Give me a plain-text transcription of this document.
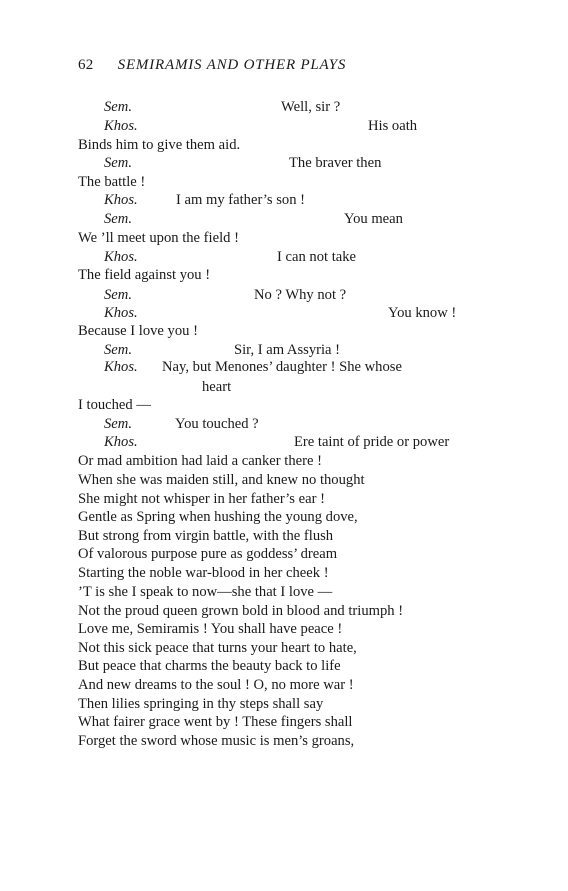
62 SEMIRAMIS AND OTHER PLAYS
Sem.	Well, sir ?
Khos.	His oath
Binds him to give them aid.
Sem.	The braver then
The battle !
Khos.	I am my father’s son !
Sem.	You mean
We ’ll meet upon the field !
Khos.	I can not take
The field against you !
Sem.	No ? Why not ?
Khos.	You know !
Because I love you !
Sem.	Sir, I am Assyria !
Khos. Nay, but Menones’ daughter ! She whose
heart
I touched —
Sem.	You touched ?
Khos.	Ere taint of pride or power
Or mad ambition had laid a canker there !
When she was maiden still, and knew no thought
She might not whisper in her father’s ear !
Gentle as Spring when hushing the young dove,
But strong from virgin battle, with the flush
Of valorous purpose pure as goddess’ dream
Starting the noble war-blood in her cheek !
’T is she I speak to now—she that I love —
Not the proud queen grown bold in blood and triumph !
Love me, Semiramis ! You shall have peace !
Not this sick peace that turns your heart to hate,
But peace that charms the beauty back to life
And new dreams to the soul ! O, no more war !
Then lilies springing in thy steps shall say
What fairer grace went by ! These fingers shall
Forget the sword whose music is men’s groans,
